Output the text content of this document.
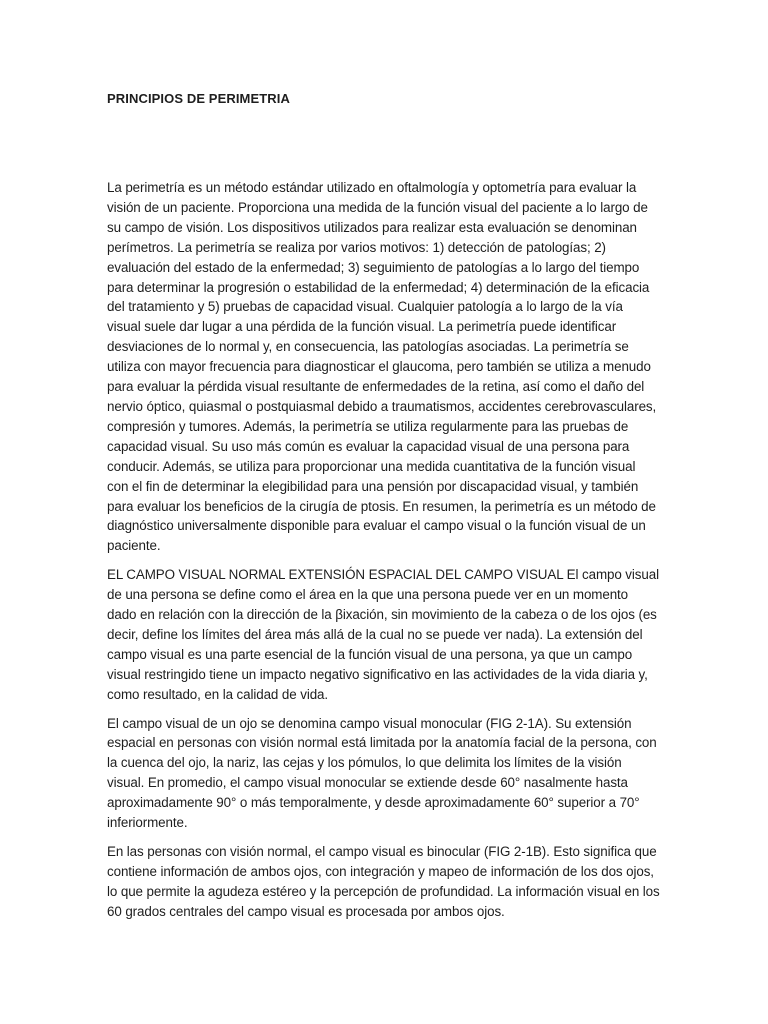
PRINCIPIOS DE PERIMETRIA

La perimetría es un método estándar utilizado en oftalmología y optometría para evaluar la visión de un paciente. Proporciona una medida de la función visual del paciente a lo largo de su campo de visión. Los dispositivos utilizados para realizar esta evaluación se denominan perímetros. La perimetría se realiza por varios motivos: 1) detección de patologías; 2) evaluación del estado de la enfermedad; 3) seguimiento de patologías a lo largo del tiempo para determinar la progresión o estabilidad de la enfermedad; 4) determinación de la eficacia del tratamiento y 5) pruebas de capacidad visual. Cualquier patología a lo largo de la vía visual suele dar lugar a una pérdida de la función visual. La perimetría puede identificar desviaciones de lo normal y, en consecuencia, las patologías asociadas. La perimetría se utiliza con mayor frecuencia para diagnosticar el glaucoma, pero también se utiliza a menudo para evaluar la pérdida visual resultante de enfermedades de la retina, así como el daño del nervio óptico, quiasmal o postquiasmal debido a traumatismos, accidentes cerebrovasculares, compresión y tumores. Además, la perimetría se utiliza regularmente para las pruebas de capacidad visual. Su uso más común es evaluar la capacidad visual de una persona para conducir. Además, se utiliza para proporcionar una medida cuantitativa de la función visual con el fin de determinar la elegibilidad para una pensión por discapacidad visual, y también para evaluar los beneficios de la cirugía de ptosis. En resumen, la perimetría es un método de diagnóstico universalmente disponible para evaluar el campo visual o la función visual de un paciente.

EL CAMPO VISUAL NORMAL EXTENSIÓN ESPACIAL DEL CAMPO VISUAL El campo visual de una persona se define como el área en la que una persona puede ver en un momento dado en relación con la dirección de la βixación, sin movimiento de la cabeza o de los ojos (es decir, define los límites del área más allá de la cual no se puede ver nada). La extensión del campo visual es una parte esencial de la función visual de una persona, ya que un campo visual restringido tiene un impacto negativo significativo en las actividades de la vida diaria y, como resultado, en la calidad de vida.

El campo visual de un ojo se denomina campo visual monocular (FIG 2-1A). Su extensión espacial en personas con visión normal está limitada por la anatomía facial de la persona, con la cuenca del ojo, la nariz, las cejas y los pómulos, lo que delimita los límites de la visión visual. En promedio, el campo visual monocular se extiende desde 60° nasalmente hasta aproximadamente 90° o más temporalmente, y desde aproximadamente 60° superior a 70° inferiormente.

En las personas con visión normal, el campo visual es binocular (FIG 2-1B). Esto significa que contiene información de ambos ojos, con integración y mapeo de información de los dos ojos, lo que permite la agudeza estéreo y la percepción de profundidad. La información visual en los 60 grados centrales del campo visual es procesada por ambos ojos.
